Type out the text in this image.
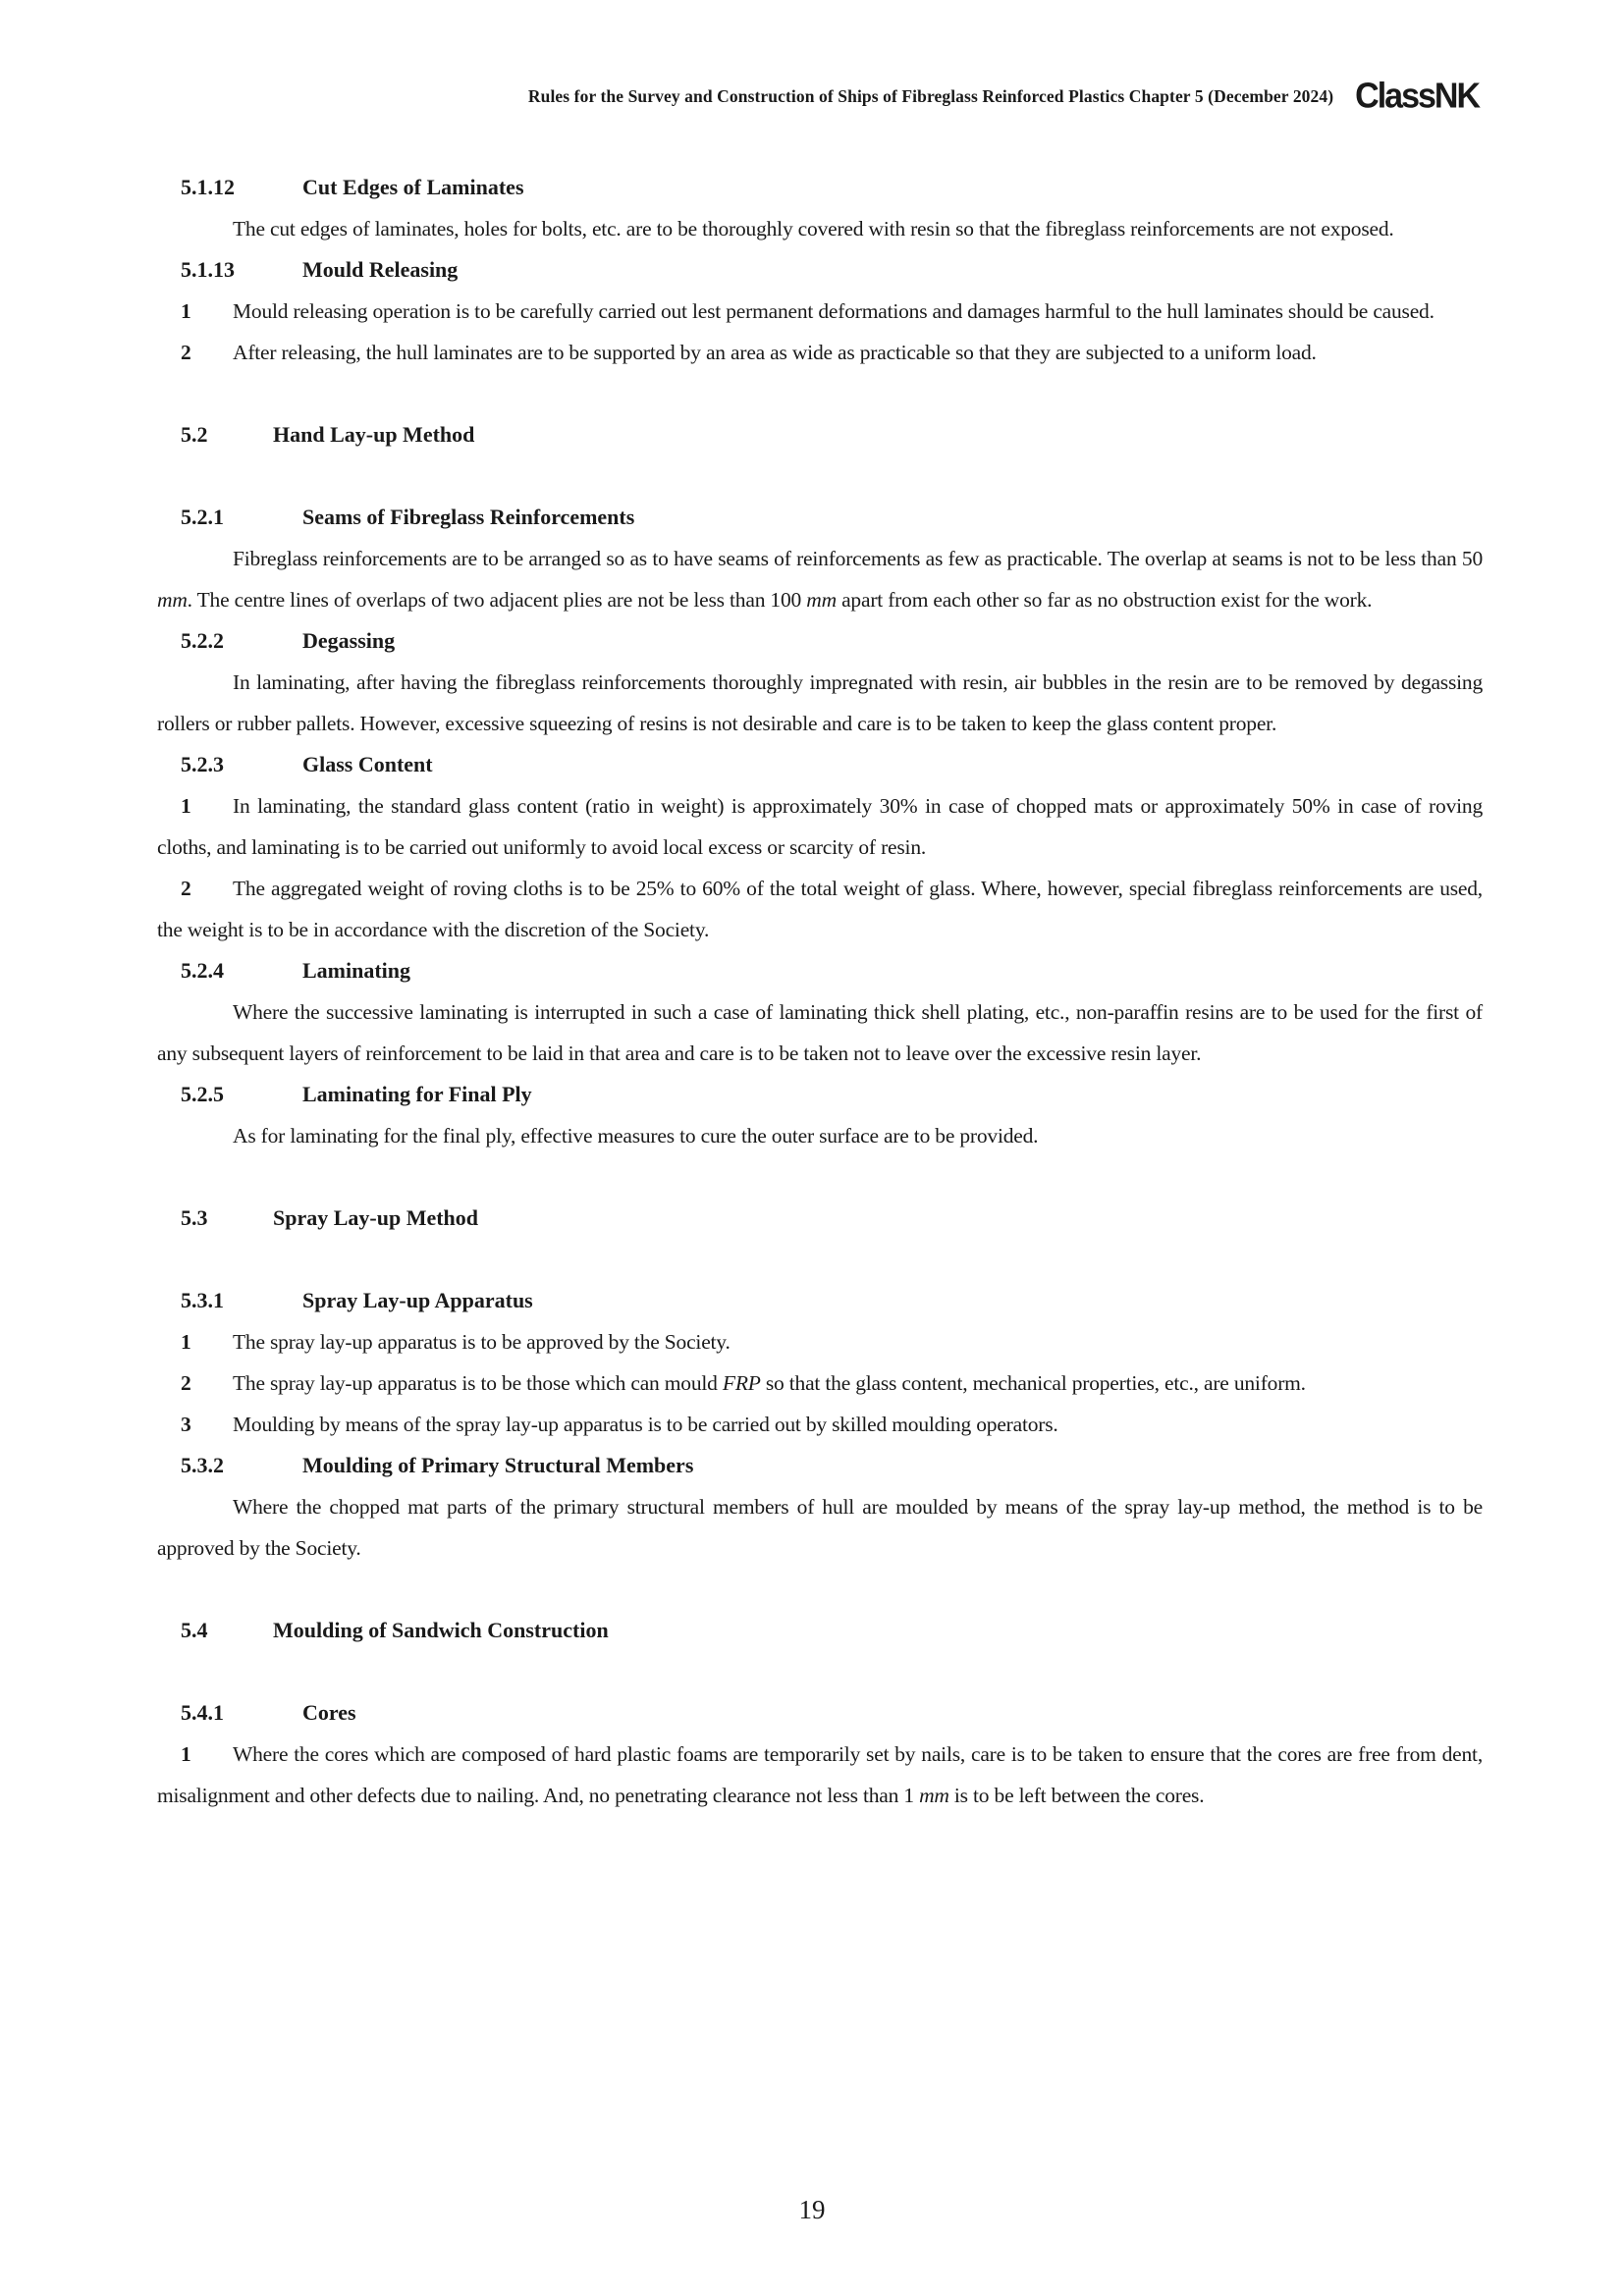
Rules for the Survey and Construction of Ships of Fibreglass Reinforced Plastics Chapter 5 (December 2024) ClassNK
5.1.12	Cut Edges of Laminates

The cut edges of laminates, holes for bolts, etc. are to be thoroughly covered with resin so that the fibreglass reinforcements are not exposed.

5.1.13	Mould Releasing

1 Mould releasing operation is to be carefully carried out lest permanent deformations and damages harmful to the hull laminates should be caused.

2 After releasing, the hull laminates are to be supported by an area as wide as practicable so that they are subjected to a uniform load.

5.2	Hand Lay-up Method
5.2.1	Seams of Fibreglass Reinforcements

Fibreglass reinforcements are to be arranged so as to have seams of reinforcements as few as practicable. The overlap at seams is not to be less than 50 mm. The centre lines of overlaps of two adjacent plies are not be less than 100 mm apart from each other so far as no obstruction exist for the work.

5.2.2	Degassing

In laminating, after having the fibreglass reinforcements thoroughly impregnated with resin, air bubbles in the resin are to be removed by degassing rollers or rubber pallets. However, excessive squeezing of resins is not desirable and care is to be taken to keep the glass content proper.

5.2.3	Glass Content

1 In laminating, the standard glass content (ratio in weight) is approximately 30% in case of chopped mats or approximately 50% in case of roving cloths, and laminating is to be carried out uniformly to avoid local excess or scarcity of resin.

2 The aggregated weight of roving cloths is to be 25% to 60% of the total weight of glass. Where, however, special fibreglass reinforcements are used, the weight is to be in accordance with the discretion of the Society.

5.2.4	Laminating

Where the successive laminating is interrupted in such a case of laminating thick shell plating, etc., non-paraffin resins are to be used for the first of any subsequent layers of reinforcement to be laid in that area and care is to be taken not to leave over the excessive resin layer.

5.2.5	Laminating for Final Ply

As for laminating for the final ply, effective measures to cure the outer surface are to be provided.

5.3	Spray Lay-up Method
5.3.1	Spray Lay-up Apparatus

1 The spray lay-up apparatus is to be approved by the Society.

2 The spray lay-up apparatus is to be those which can mould FRP so that the glass content, mechanical properties, etc., are uniform.

3 Moulding by means of the spray lay-up apparatus is to be carried out by skilled moulding operators.

5.3.2	Moulding of Primary Structural Members

Where the chopped mat parts of the primary structural members of hull are moulded by means of the spray lay-up method, the method is to be approved by the Society.

5.4	Moulding of Sandwich Construction
5.4.1	Cores

1 Where the cores which are composed of hard plastic foams are temporarily set by nails, care is to be taken to ensure that the cores are free from dent, misalignment and other defects due to nailing. And, no penetrating clearance not less than 1 mm is to be left between the cores.

19
